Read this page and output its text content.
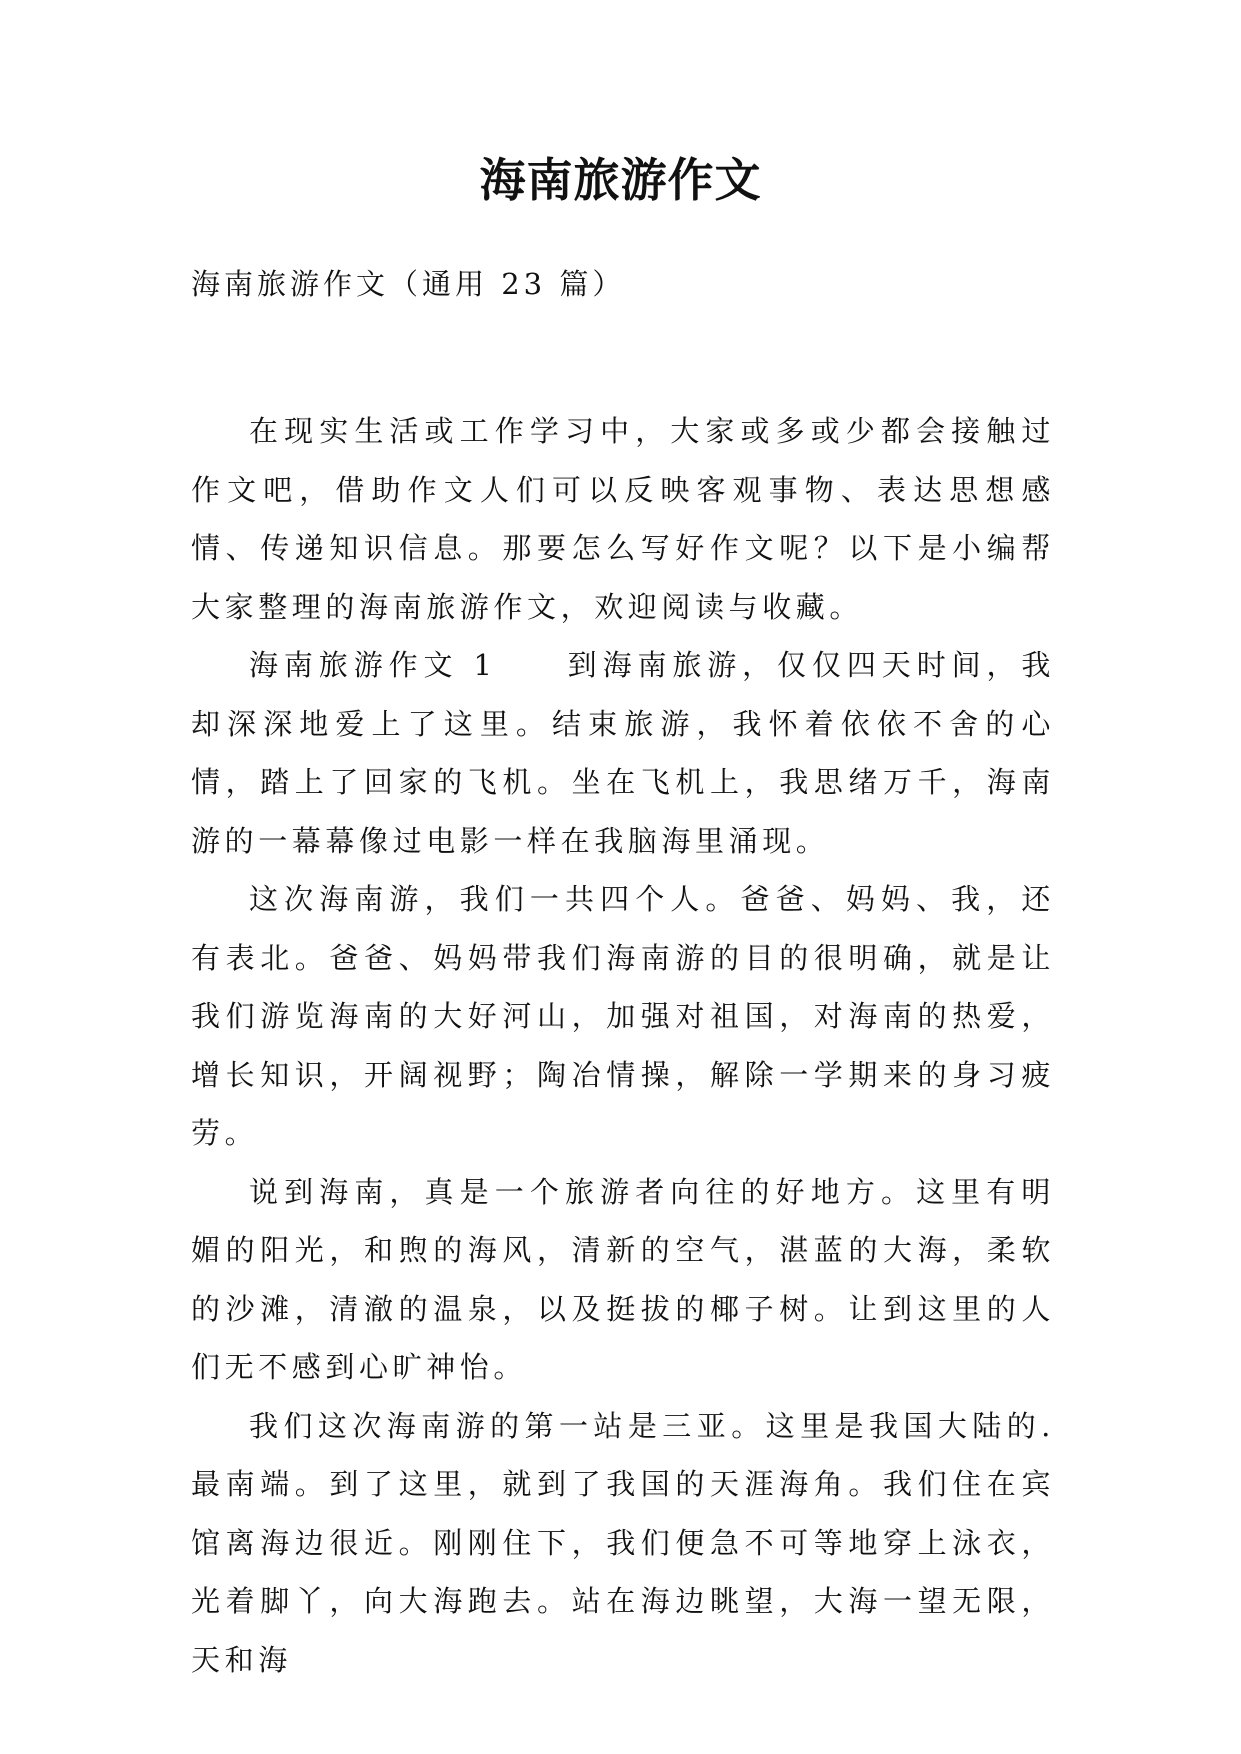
海南旅游作文
海南旅游作文（通用 23 篇）

在现实生活或工作学习中，大家或多或少都会接触过作文吧，借助作文人们可以反映客观事物、表达思想感情、传递知识信息。那要怎么写好作文呢？以下是小编帮大家整理的海南旅游作文，欢迎阅读与收藏。

海南旅游作文 1　　到海南旅游，仅仅四天时间，我却深深地爱上了这里。结束旅游，我怀着依依不舍的心情，踏上了回家的飞机。坐在飞机上，我思绪万千，海南游的一幕幕像过电影一样在我脑海里涌现。

这次海南游，我们一共四个人。爸爸、妈妈、我，还有表北。爸爸、妈妈带我们海南游的目的很明确，就是让我们游览海南的大好河山，加强对祖国，对海南的热爱，增长知识，开阔视野；陶冶情操，解除一学期来的身习疲劳。

说到海南，真是一个旅游者向往的好地方。这里有明媚的阳光，和煦的海风，清新的空气，湛蓝的大海，柔软的沙滩，清澈的温泉，以及挺拔的椰子树。让到这里的人们无不感到心旷神怡。

我们这次海南游的第一站是三亚。这里是我国大陆的.最南端。到了这里，就到了我国的天涯海角。我们住在宾馆离海边很近。刚刚住下，我们便急不可等地穿上泳衣，光着脚丫，向大海跑去。站在海边眺望，大海一望无限，天和海
